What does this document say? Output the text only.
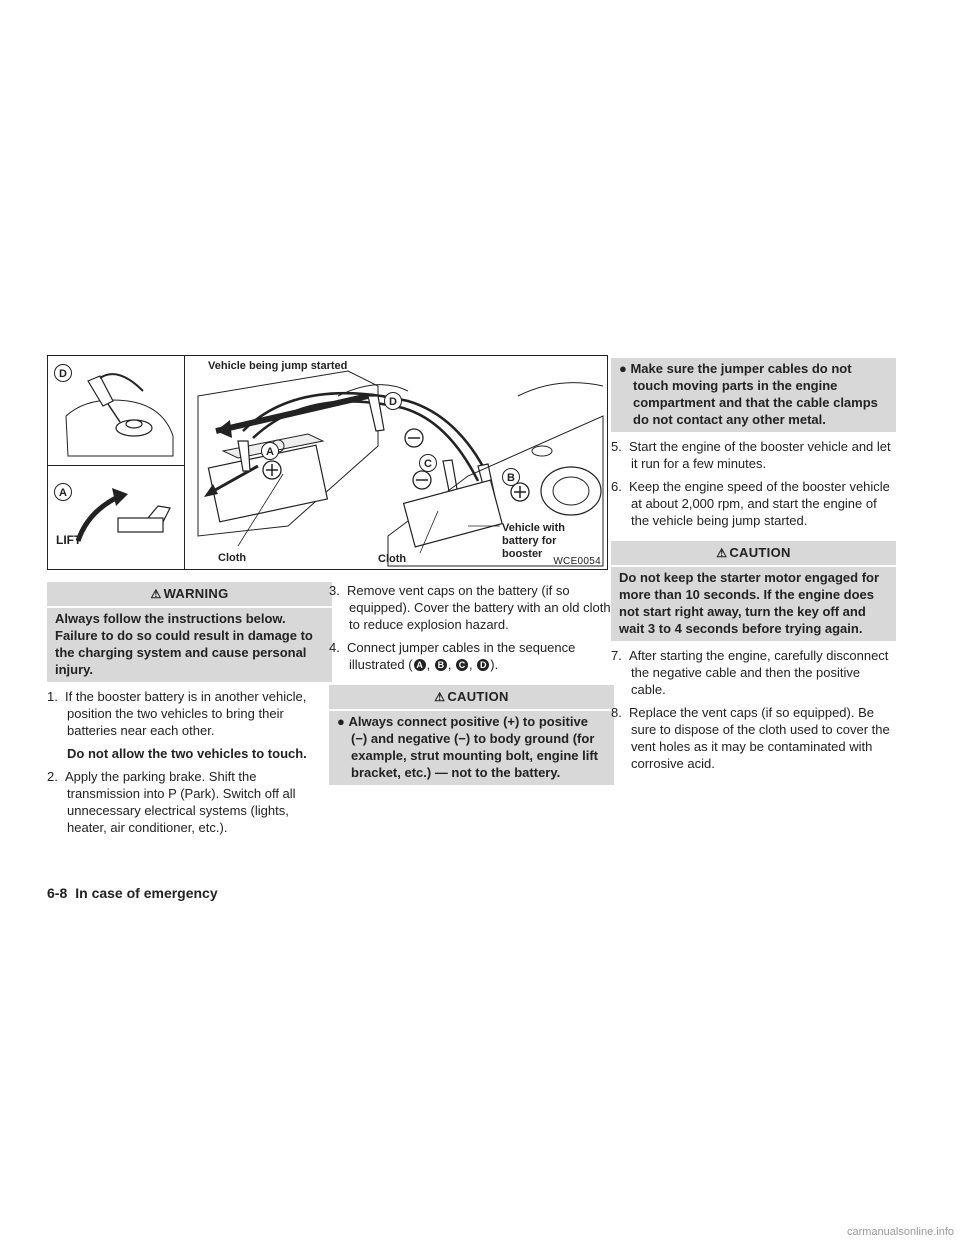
D
A
LIFT
Vehicle being jump started
A
D
C
B
Cloth	Cloth
Vehicle with
battery for
booster
WCE0054
⚠ WARNING
Always follow the instructions below. Failure to do so could result in damage to the charging system and cause personal injury.
1. If the booster battery is in another vehicle, position the two vehicles to bring their batteries near each other.
Do not allow the two vehicles to touch.
2. Apply the parking brake. Shift the transmission into P (Park). Switch off all unnecessary electrical systems (lights, heater, air conditioner, etc.).
3. Remove vent caps on the battery (if so equipped). Cover the battery with an old cloth to reduce explosion hazard.
4. Connect jumper cables in the sequence illustrated ( A , B , C , D ).
⚠ CAUTION
● Always connect positive (+) to positive (−) and negative (−) to body ground (for example, strut mounting bolt, engine lift bracket, etc.) — not to the battery.
● Make sure the jumper cables do not touch moving parts in the engine compartment and that the cable clamps do not contact any other metal.
5. Start the engine of the booster vehicle and let it run for a few minutes.
6. Keep the engine speed of the booster vehicle at about 2,000 rpm, and start the engine of the vehicle being jump started.
⚠ CAUTION
Do not keep the starter motor engaged for more than 10 seconds. If the engine does not start right away, turn the key off and wait 3 to 4 seconds before trying again.
7. After starting the engine, carefully disconnect the negative cable and then the positive cable.
8. Replace the vent caps (if so equipped). Be sure to dispose of the cloth used to cover the vent holes as it may be contaminated with corrosive acid.
6-8 In case of emergency
carmanualsonline.info
